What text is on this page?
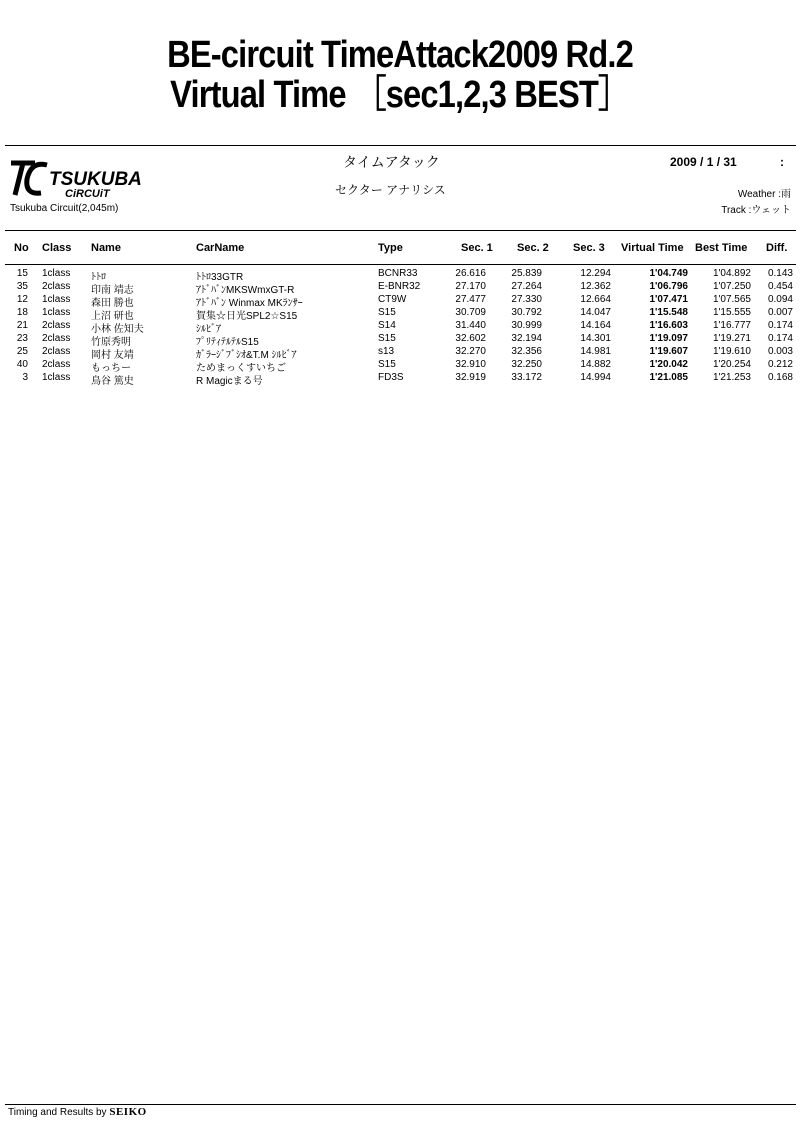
BE-circuit TimeAttack2009 Rd.2
Virtual Time ［sec1,2,3 BEST］
TSUKUBA
CiRCUiT
Tsukuba Circuit(2,045m)
タイムアタック
セクター アナリシス
2009 / 1 / 31	:
Weather :雨
Track :ウェット
No Class Name	CarName	Type	Sec. 1 Sec. 2 Sec. 3 Virtual Time Best Time Diff.
15 1class ﾄﾄﾛ	ﾄﾄﾛ33GTR	BCNR33	26.616	25.839	12.294	1'04.749 1'04.892 0.143
35 2class 印南 靖志	ｱﾄﾞﾊﾞﾝMKSWmxGT-R	E-BNR32	27.170	27.264	12.362	1'06.796 1'07.250 0.454
12 1class 森田 勝也	ｱﾄﾞﾊﾞﾝ Winmax MKﾗﾝｻｰ	CT9W	27.477	27.330	12.664	1'07.471 1'07.565 0.094
18 1class 上沼 研也	賀集☆日光SPL2☆S15	S15	30.709	30.792	14.047	1'15.548 1'15.555 0.007
21 2class 小林 佐知夫	ｼﾙﾋﾞｱ	S14	31.440	30.999	14.164	1'16.603 1'16.777 0.174
23 2class 竹原秀明	ﾌﾟﾘﾃｨﾃﾙﾃﾙS15	S15	32.602	32.194	14.301	1'19.097 1'19.271 0.174
25 2class 岡村 友靖	ｶﾞﾗｰｼﾞﾌﾞｼｵ&T.M ｼﾙﾋﾞｱ	s13	32.270	32.356	14.981	1'19.607 1'19.610 0.003
40 2class もっちー	ためまっくすいちご	S15	32.910	32.250	14.882	1'20.042 1'20.254 0.212
3 1class 鳥谷 篤史	R Magicまる号	FD3S	32.919	33.172	14.994	1'21.085 1'21.253 0.168
Timing and Results by SEIKO
